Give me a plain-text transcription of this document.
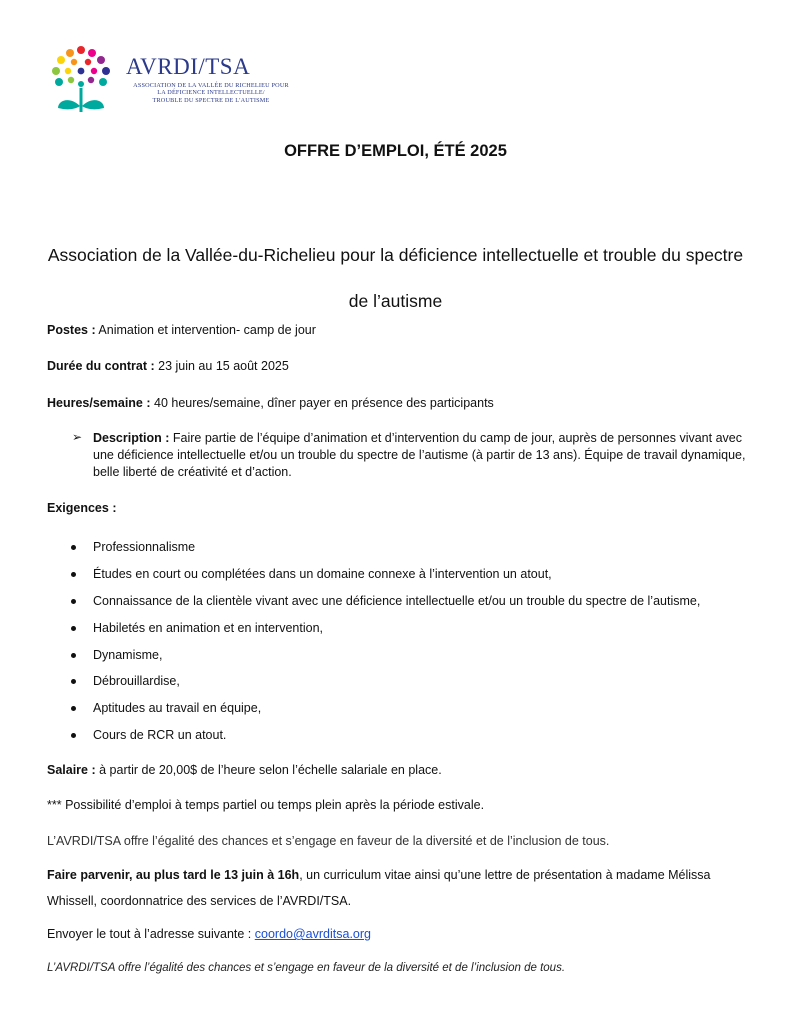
AVRDI/TSA
ASSOCIATION DE LA VALLÉE DU RICHELIEU POUR
LA DÉFICIENCE INTELLECTUELLE/
TROUBLE DU SPECTRE DE L'AUTISME
OFFRE D’EMPLOI, ÉTÉ 2025
Association de la Vallée-du-Richelieu pour la déficience intellectuelle et trouble du spectre de l’autisme
Postes : Animation et intervention- camp de jour
Durée du contrat : 23 juin au 15 août 2025
Heures/semaine : 40 heures/semaine, dîner payer en présence des participants
➢ Description : Faire partie de l’équipe d’animation et d’intervention du camp de jour, auprès de personnes vivant avec une déficience intellectuelle et/ou un trouble du spectre de l’autisme (à partir de 13 ans). Équipe de travail dynamique, belle liberté de créativité et d’action.
Exigences :
Professionnalisme
Études en court ou complétées dans un domaine connexe à l’intervention un atout,
Connaissance de la clientèle vivant avec une déficience intellectuelle et/ou un trouble du spectre de l’autisme,
Habiletés en animation et en intervention,
Dynamisme,
Débrouillardise,
Aptitudes au travail en équipe,
Cours de RCR un atout.
Salaire : à partir de 20,00$ de l’heure selon l’échelle salariale en place.
*** Possibilité d’emploi à temps partiel ou temps plein après la période estivale.
L’AVRDI/TSA offre l’égalité des chances et s’engage en faveur de la diversité et de l’inclusion de tous.
Faire parvenir, au plus tard le 13 juin à 16h, un curriculum vitae ainsi qu’une lettre de présentation à madame Mélissa Whissell, coordonnatrice des services de l’AVRDI/TSA.
Envoyer le tout à l’adresse suivante : coordo@avrditsa.org
L’AVRDI/TSA offre l’égalité des chances et s’engage en faveur de la diversité et de l’inclusion de tous.
